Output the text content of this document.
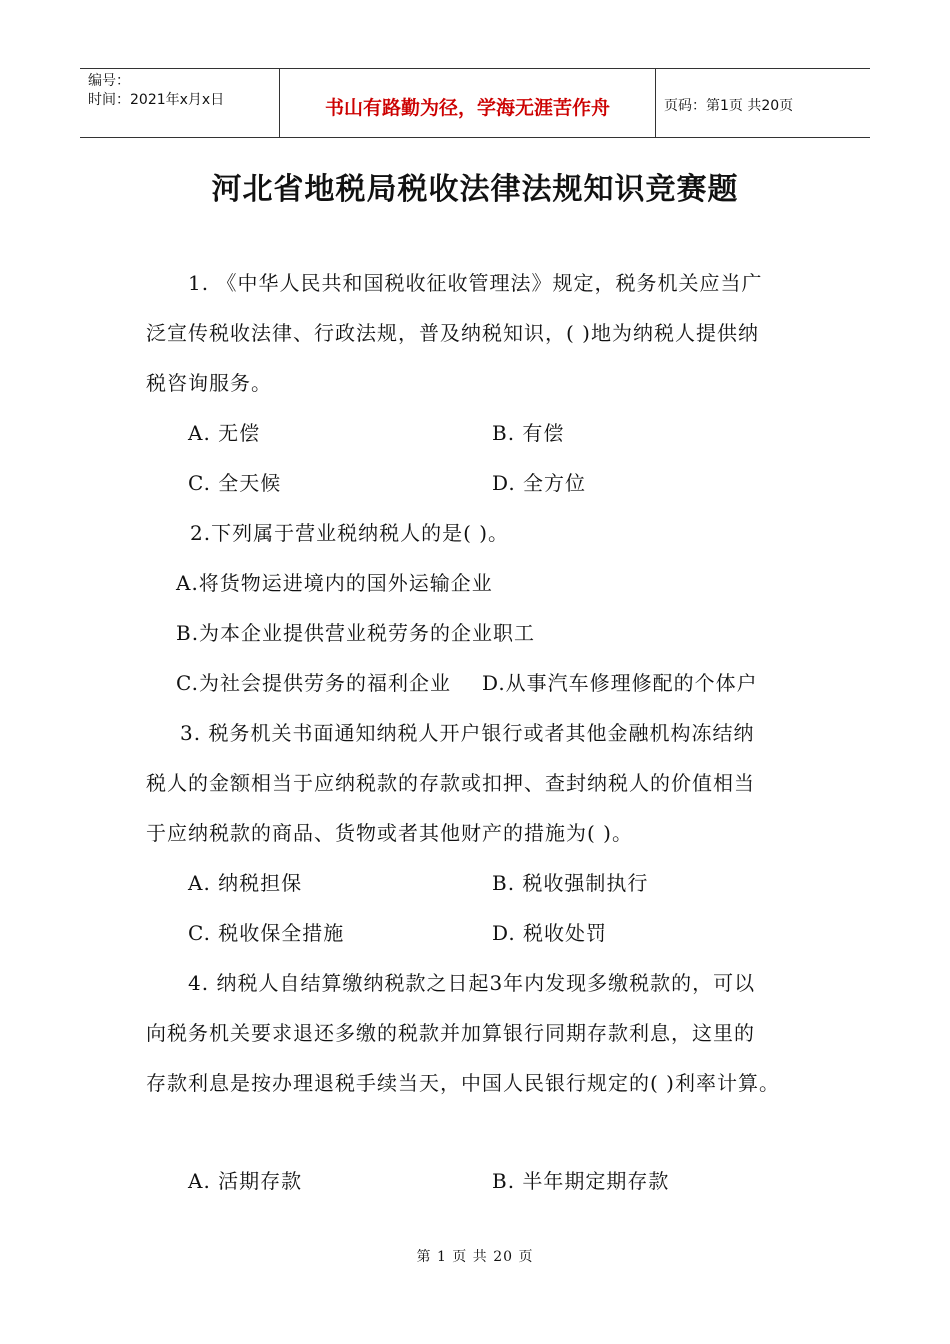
编号：
时间：2021年x月x日	书山有路勤为径，学海无涯苦作舟	页码：第1页 共20页
河北省地税局税收法律法规知识竞赛题
1. 《中华人民共和国税收征收管理法》规定，税务机关应当广
泛宣传税收法律、行政法规，普及纳税知识，( )地为纳税人提供纳
税咨询服务。
A. 无偿	B. 有偿
C. 全天候	D. 全方位
2.下列属于营业税纳税人的是( )。
A.将货物运进境内的国外运输企业
B.为本企业提供营业税劳务的企业职工
C.为社会提供劳务的福利企业	D.从事汽车修理修配的个体户
3. 税务机关书面通知纳税人开户银行或者其他金融机构冻结纳
税人的金额相当于应纳税款的存款或扣押、查封纳税人的价值相当
于应纳税款的商品、货物或者其他财产的措施为( )。
A. 纳税担保	B. 税收强制执行
C. 税收保全措施	D. 税收处罚
4. 纳税人自结算缴纳税款之日起3年内发现多缴税款的，可以
向税务机关要求退还多缴的税款并加算银行同期存款利息，这里的
存款利息是按办理退税手续当天，中国人民银行规定的( )利率计算。
A. 活期存款	B. 半年期定期存款
第 1 页 共 20 页
